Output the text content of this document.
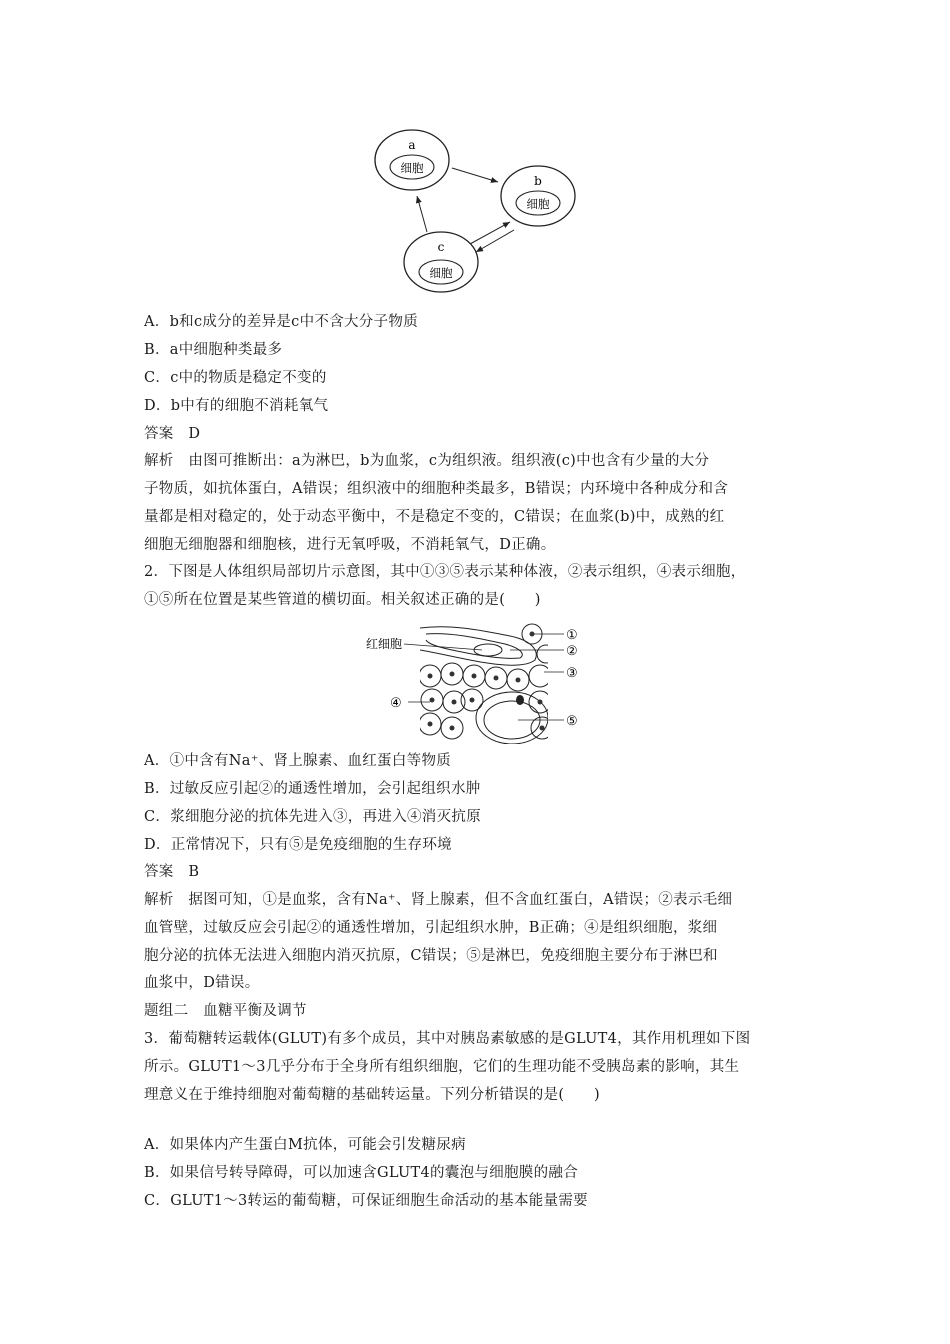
a
细胞
b
细胞
c
细胞
A．b和c成分的差异是c中不含大分子物质
B．a中细胞种类最多
C．c中的物质是稳定不变的
D．b中有的细胞不消耗氧气
答案　D
解析　由图可推断出：a为淋巴，b为血浆，c为组织液。组织液(c)中也含有少量的大分
子物质，如抗体蛋白，A错误；组织液中的细胞种类最多，B错误；内环境中各种成分和含
量都是相对稳定的，处于动态平衡中，不是稳定不变的，C错误；在血浆(b)中，成熟的红
细胞无细胞器和细胞核，进行无氧呼吸，不消耗氧气，D正确。
2．下图是人体组织局部切片示意图，其中①③⑤表示某种体液，②表示组织，④表示细胞，
①⑤所在位置是某些管道的横切面。相关叙述正确的是(　　)
红细胞
①
②
③
④
⑤
A．①中含有Na⁺、肾上腺素、血红蛋白等物质
B．过敏反应引起②的通透性增加，会引起组织水肿
C．浆细胞分泌的抗体先进入③，再进入④消灭抗原
D．正常情况下，只有⑤是免疫细胞的生存环境
答案　B
解析　据图可知，①是血浆，含有Na⁺、肾上腺素，但不含血红蛋白，A错误；②表示毛细
血管壁，过敏反应会引起②的通透性增加，引起组织水肿，B正确；④是组织细胞，浆细
胞分泌的抗体无法进入细胞内消灭抗原，C错误；⑤是淋巴，免疫细胞主要分布于淋巴和
血浆中，D错误。
题组二　血糖平衡及调节
3．葡萄糖转运载体(GLUT)有多个成员，其中对胰岛素敏感的是GLUT4，其作用机理如下图
所示。GLUT1～3几乎分布于全身所有组织细胞，它们的生理功能不受胰岛素的影响，其生
理意义在于维持细胞对葡萄糖的基础转运量。下列分析错误的是(　　)
A．如果体内产生蛋白M抗体，可能会引发糖尿病
B．如果信号转导障碍，可以加速含GLUT4的囊泡与细胞膜的融合
C．GLUT1～3转运的葡萄糖，可保证细胞生命活动的基本能量需要
